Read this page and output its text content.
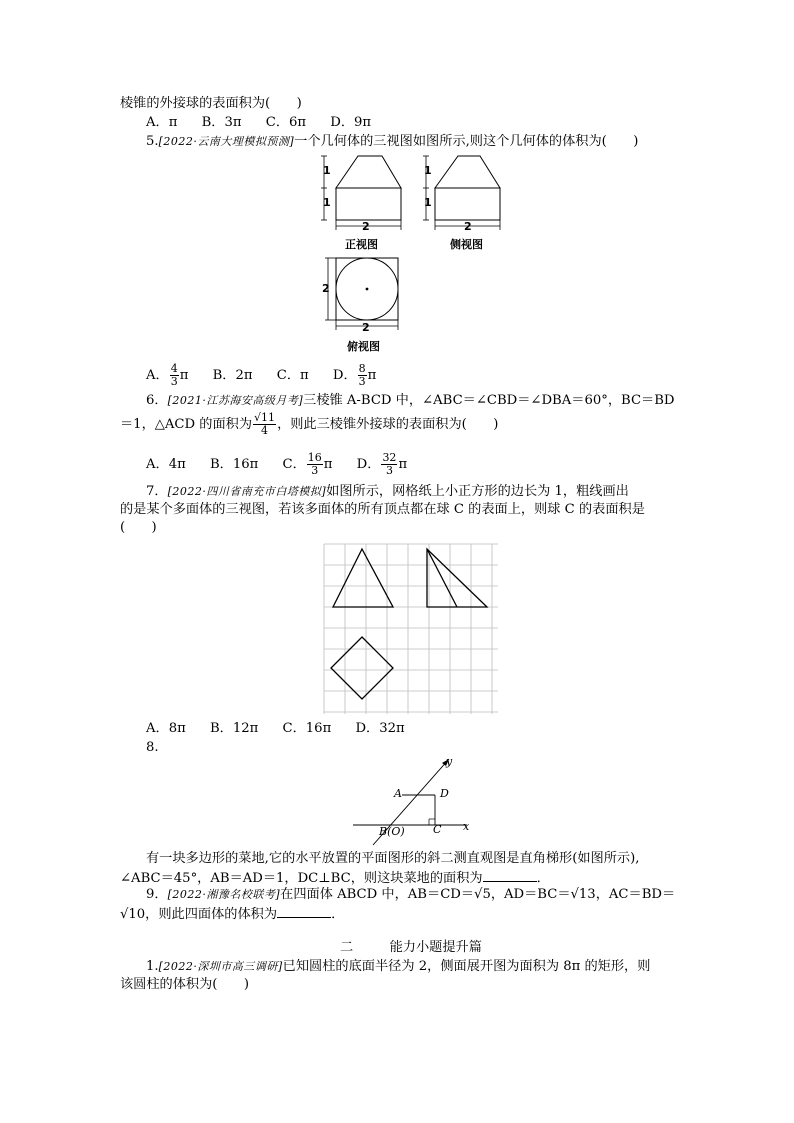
棱锥的外接球的表面积为(　　)
A．π B．3π C．6π D．9π
5.[2022·云南大理模拟预测]一个几何体的三视图如图所示,则这个几何体的体积为(　　)
1
1
2
正视图
1
1
2
侧视图
2
2
俯视图
A． $\frac{4}{3}$ π B．2π C．π D． $\frac{8}{3}$ π
6．[2021·江苏海安高级月考]三棱锥 A-BCD 中，∠ABC＝∠CBD＝∠DBA＝60°，BC＝BD
＝1，△ACD 的面积为 $\frac{√11}{4}$ ，则此三棱锥外接球的表面积为(　　)
A．4π B．16π C． $\frac{16}{3}$ π D． $\frac{32}{3}$ π
7．[2022·四川省南充市白塔模拟]如图所示，网格纸上小正方形的边长为 1，粗线画出
的是某个多面体的三视图，若该多面体的所有顶点都在球 C 的表面上，则球 C 的表面积是
(　　)
A．8π B．12π C．16π D．32π
8.
y
x
A	D
B(O)	C
有一块多边形的菜地,它的水平放置的平面图形的斜二测直观图是直角梯形(如图所示),
∠ABC＝45°，AB＝AD＝1，DC⊥BC，则这块菜地的面积为	．
9．[2022·湘豫名校联考]在四面体 ABCD 中，AB＝CD＝√5，AD＝BC＝√13，AC＝BD＝
√10，则此四面体的体积为	．
二	能力小题提升篇
1.[2022·深圳市高三调研]已知圆柱的底面半径为 2，侧面展开图为面积为 8π 的矩形，则
该圆柱的体积为(　　)
